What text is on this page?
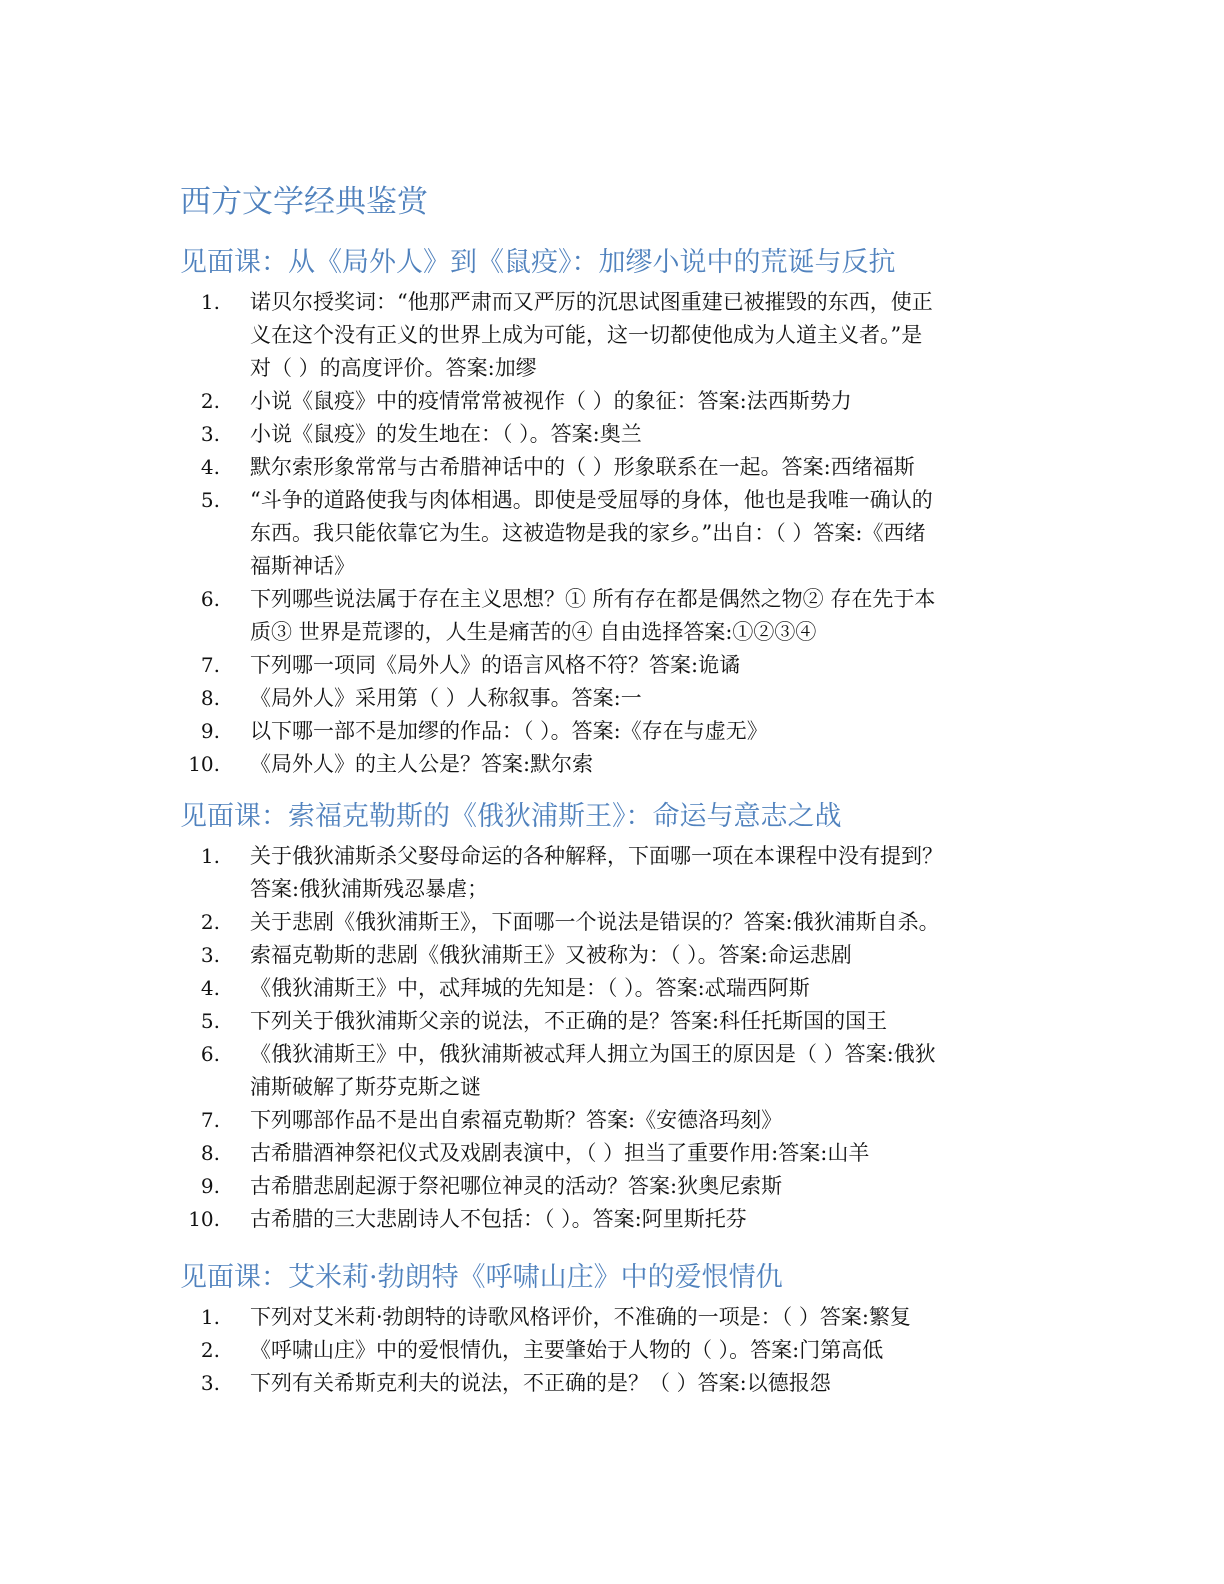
西方文学经典鉴赏
见面课：从《局外人》到《鼠疫》：加缪小说中的荒诞与反抗
1. 诺贝尔授奖词：“他那严肃而又严厉的沉思试图重建已被摧毁的东西，使正
义在这个没有正义的世界上成为可能，这一切都使他成为人道主义者。”是
对（ ）的高度评价。答案:加缪
2. 小说《鼠疫》中的疫情常常被视作（ ）的象征：答案:法西斯势力
3. 小说《鼠疫》的发生地在：（ ）。答案:奥兰
4. 默尔索形象常常与古希腊神话中的（ ）形象联系在一起。答案:西绪福斯
5. “斗争的道路使我与肉体相遇。即使是受屈辱的身体，他也是我唯一确认的
东西。我只能依靠它为生。这被造物是我的家乡。”出自：（ ）答案:《西绪
福斯神话》
6. 下列哪些说法属于存在主义思想？① 所有存在都是偶然之物② 存在先于本
质③ 世界是荒谬的，人生是痛苦的④ 自由选择答案:①②③④
7. 下列哪一项同《局外人》的语言风格不符？答案:诡谲
8. 《局外人》采用第（ ）人称叙事。答案:一
9. 以下哪一部不是加缪的作品：（ ）。答案:《存在与虚无》
10. 《局外人》的主人公是？答案:默尔索
见面课：索福克勒斯的《俄狄浦斯王》：命运与意志之战
1. 关于俄狄浦斯杀父娶母命运的各种解释，下面哪一项在本课程中没有提到？
答案:俄狄浦斯残忍暴虐；
2. 关于悲剧《俄狄浦斯王》，下面哪一个说法是错误的？答案:俄狄浦斯自杀。
3. 索福克勒斯的悲剧《俄狄浦斯王》又被称为：（ ）。答案:命运悲剧
4. 《俄狄浦斯王》中，忒拜城的先知是：（ ）。答案:忒瑞西阿斯
5. 下列关于俄狄浦斯父亲的说法，不正确的是？答案:科任托斯国的国王
6. 《俄狄浦斯王》中，俄狄浦斯被忒拜人拥立为国王的原因是（ ）答案:俄狄
浦斯破解了斯芬克斯之谜
7. 下列哪部作品不是出自索福克勒斯？答案:《安德洛玛刻》
8. 古希腊酒神祭祀仪式及戏剧表演中，（ ）担当了重要作用:答案:山羊
9. 古希腊悲剧起源于祭祀哪位神灵的活动？答案:狄奥尼索斯
10. 古希腊的三大悲剧诗人不包括：（ ）。答案:阿里斯托芬
见面课：艾米莉·勃朗特《呼啸山庄》中的爱恨情仇
1. 下列对艾米莉·勃朗特的诗歌风格评价，不准确的一项是：（ ）答案:繁复
2. 《呼啸山庄》中的爱恨情仇，主要肇始于人物的（ ）。答案:门第高低
3. 下列有关希斯克利夫的说法，不正确的是？（ ）答案:以德报怨
